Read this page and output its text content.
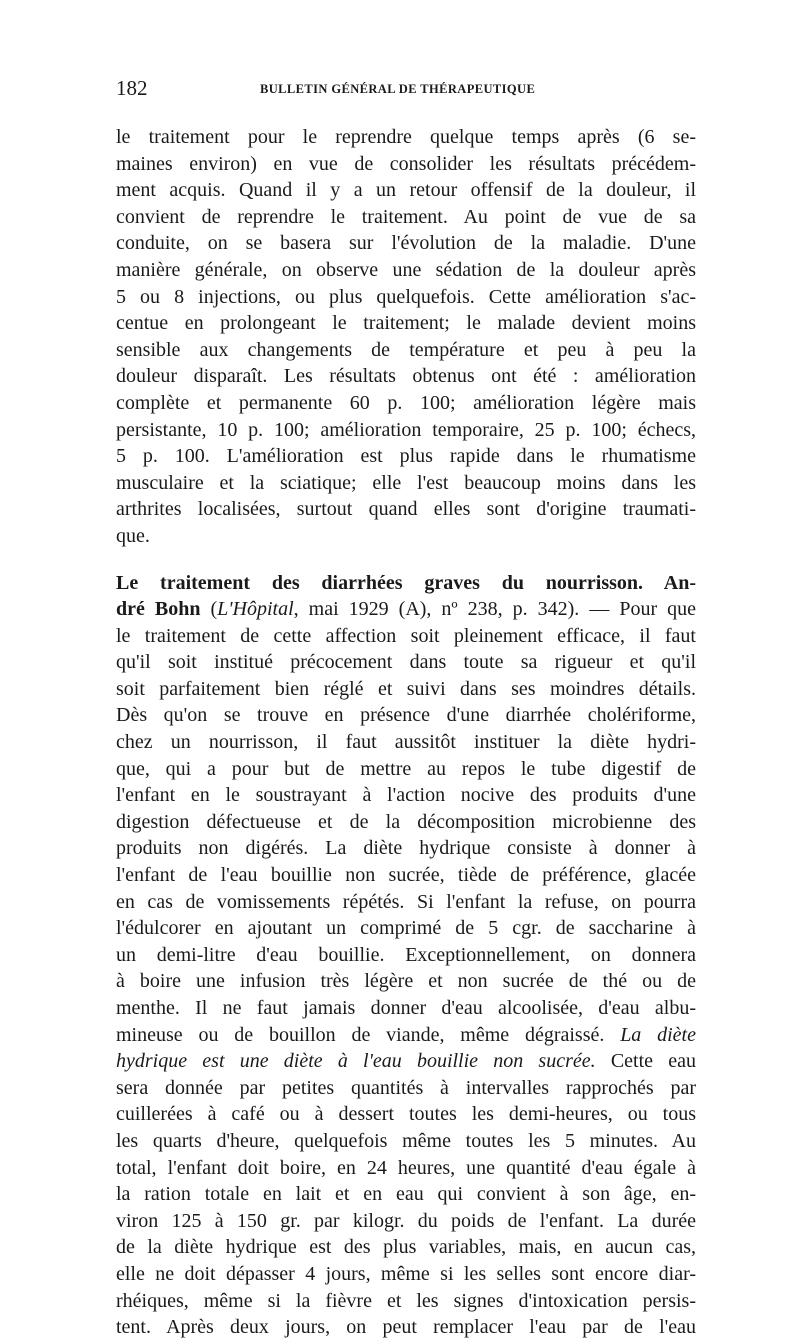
182	BULLETIN GÉNÉRAL DE THÉRAPEUTIQUE
le traitement pour le reprendre quelque temps après (6 se-
maines environ) en vue de consolider les résultats précédem-
ment acquis. Quand il y a un retour offensif de la douleur, il
convient de reprendre le traitement. Au point de vue de sa
conduite, on se basera sur l'évolution de la maladie. D'une
manière générale, on observe une sédation de la douleur après
5 ou 8 injections, ou plus quelquefois. Cette amélioration s'ac-
centue en prolongeant le traitement; le malade devient moins
sensible aux changements de température et peu à peu la
douleur disparaît. Les résultats obtenus ont été : amélioration
complète et permanente 60 p. 100; amélioration légère mais
persistante, 10 p. 100; amélioration temporaire, 25 p. 100; échecs,
5 p. 100. L'amélioration est plus rapide dans le rhumatisme
musculaire et la sciatique; elle l'est beaucoup moins dans les
arthrites localisées, surtout quand elles sont d'origine traumati-
que.
Le traitement des diarrhées graves du nourrisson. An-
dré Bohn (L'Hôpital, mai 1929 (A), nº 238, p. 342). — Pour que
le traitement de cette affection soit pleinement efficace, il faut
qu'il soit institué précocement dans toute sa rigueur et qu'il
soit parfaitement bien réglé et suivi dans ses moindres détails.
Dès qu'on se trouve en présence d'une diarrhée cholériforme,
chez un nourrisson, il faut aussitôt instituer la diète hydri-
que, qui a pour but de mettre au repos le tube digestif de
l'enfant en le soustrayant à l'action nocive des produits d'une
digestion défectueuse et de la décomposition microbienne des
produits non digérés. La diète hydrique consiste à donner à
l'enfant de l'eau bouillie non sucrée, tiède de préférence, glacée
en cas de vomissements répétés. Si l'enfant la refuse, on pourra
l'édulcorer en ajoutant un comprimé de 5 cgr. de saccharine à
un demi-litre d'eau bouillie. Exceptionnellement, on donnera
à boire une infusion très légère et non sucrée de thé ou de
menthe. Il ne faut jamais donner d'eau alcoolisée, d'eau albu-
mineuse ou de bouillon de viande, même dégraissé. La diète
hydrique est une diète à l'eau bouillie non sucrée. Cette eau
sera donnée par petites quantités à intervalles rapprochés par
cuillerées à café ou à dessert toutes les demi-heures, ou tous
les quarts d'heure, quelquefois même toutes les 5 minutes. Au
total, l'enfant doit boire, en 24 heures, une quantité d'eau égale à
la ration totale en lait et en eau qui convient à son âge, en-
viron 125 à 150 gr. par kilogr. du poids de l'enfant. La durée
de la diète hydrique est des plus variables, mais, en aucun cas,
elle ne doit dépasser 4 jours, même si les selles sont encore diar-
rhéiques, même si la fièvre et les signes d'intoxication persis-
tent. Après deux jours, on peut remplacer l'eau par de l'eau
